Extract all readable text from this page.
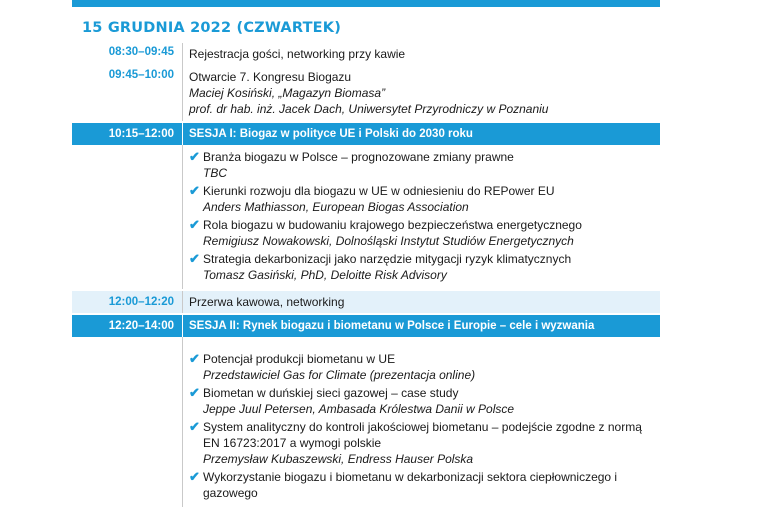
15 GRUDNIA 2022 (CZWARTEK)
08:30–09:45	Rejestracja gości, networking przy kawie
09:45–10:00	Otwarcie 7. Kongresu Biogazu
Maciej Kosiński, „Magazyn Biomasa”
prof. dr hab. inż. Jacek Dach, Uniwersytet Przyrodniczy w Poznaniu
10:15–12:00	SESJA I: Biogaz w polityce UE i Polski do 2030 roku
✔ Branża biogazu w Polsce – prognozowane zmiany prawne
TBC
✔ Kierunki rozwoju dla biogazu w UE w odniesieniu do REPower EU
Anders Mathiasson, European Biogas Association
✔ Rola biogazu w budowaniu krajowego bezpieczeństwa energetycznego
Remigiusz Nowakowski, Dolnośląski Instytut Studiów Energetycznych
✔ Strategia dekarbonizacji jako narzędzie mitygacji ryzyk klimatycznych
Tomasz Gasiński, PhD, Deloitte Risk Advisory
12:00–12:20	Przerwa kawowa, networking
12:20–14:00	SESJA II: Rynek biogazu i biometanu w Polsce i Europie – cele i wyzwania
✔ Potencjał produkcji biometanu w UE
Przedstawiciel Gas for Climate (prezentacja online)
✔ Biometan w duńskiej sieci gazowej – case study
Jeppe Juul Petersen, Ambasada Królestwa Danii w Polsce
✔ System analityczny do kontroli jakościowej biometanu – podejście zgodne z normą EN 16723:2017 a wymogi polskie
Przemysław Kubaszewski, Endress Hauser Polska
✔ Wykorzystanie biogazu i biometanu w dekarbonizacji sektora ciepłowniczego i gazowego
